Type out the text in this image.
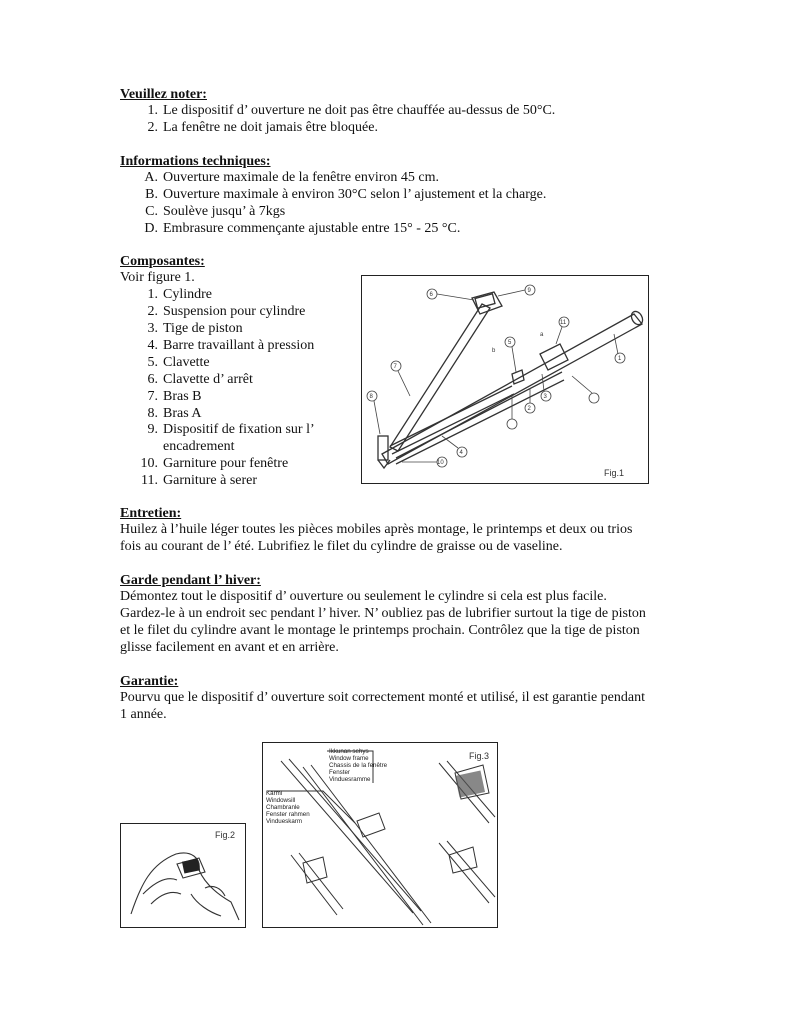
Veuillez noter:
1. Le dispositif d’ ouverture ne doit pas être chauffée au-dessus de 50°C.
2. La fenêtre ne doit jamais être bloquée.
Informations techniques:
A. Ouverture maximale de la fenêtre environ 45 cm.
B. Ouverture maximale à environ 30°C selon l’ ajustement et la charge.
C. Soulève jusqu’ à 7kgs
D. Embrasure commençante ajustable entre 15° - 25 °C.
Composantes:
Voir figure 1.
1. Cylindre
2. Suspension pour cylindre
3. Tige de piston
4. Barre travaillant à pression
5. Clavette
6. Clavette d’ arrêt
7. Bras B
8. Bras A
9. Dispositif de fixation sur l’
encadrement
10. Garniture pour fenêtre
11. Garniture à serer
6
9
5
a
11
b
7
1
8	3
2
4
10
Fig.1
Entretien:
Huilez à l’huile léger toutes les pièces mobiles après montage, le printemps et deux ou trios
fois au courant de l’ été. Lubrifiez le filet du cylindre de graisse ou de vaseline.
Garde pendant l’ hiver:
Démontez tout le dispositif d’ ouverture ou seulement le cylindre si cela est plus facile.
Gardez-le à un endroit sec pendant l’ hiver. N’ oubliez pas de lubrifier surtout la tige de piston
et le filet du cylindre avant le montage le printemps prochain. Contrôlez que la tige de piston
glisse facilement en avant et en arrière.
Garantie:
Pourvu que le dispositif d’ ouverture soit correctement monté et utilisé, il est garantie pendant
1 année.
Fig.2
Ikkunan sehys
Window frame
Chassis de la fenêtre
Fenster
Vinduesramme
Karmi
Windowsill
Chambranle
Fenster rahmen
Vindueskarm
Fig.3
